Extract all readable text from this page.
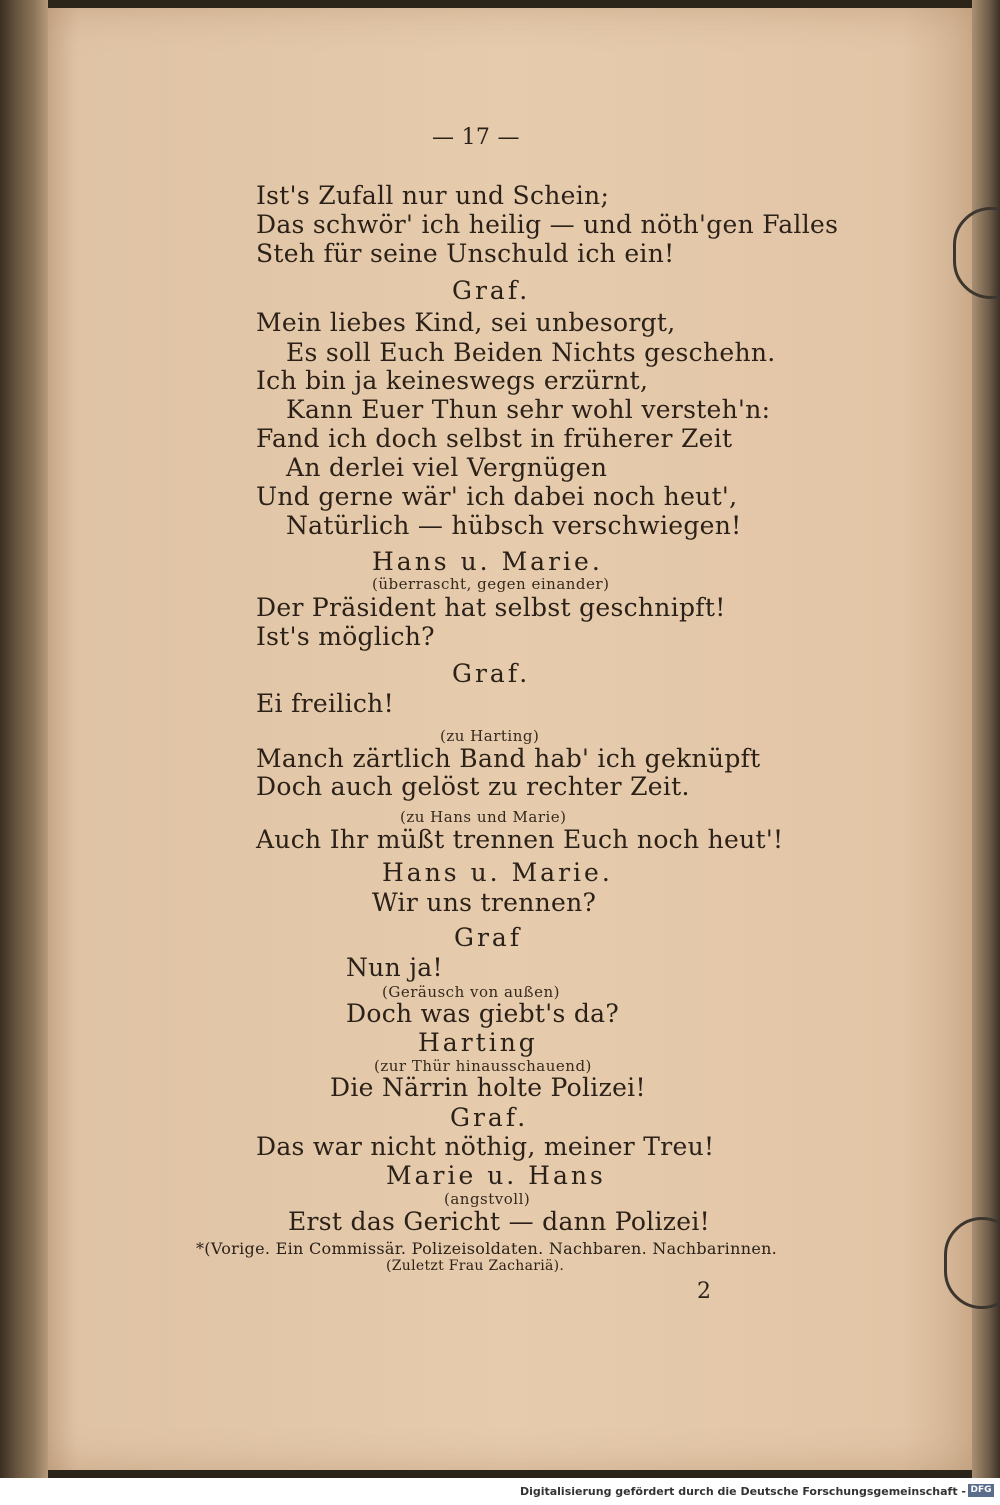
— 17 —
Ist's Zufall nur und Schein;
Das schwör' ich heilig — und nöth'gen Falles
Steh für seine Unschuld ich ein!
Graf.
Mein liebes Kind, sei unbesorgt,
Es soll Euch Beiden Nichts geschehn.
Ich bin ja keineswegs erzürnt,
Kann Euer Thun sehr wohl versteh'n:
Fand ich doch selbst in früherer Zeit
An derlei viel Vergnügen
Und gerne wär' ich dabei noch heut',
Natürlich — hübsch verschwiegen!
Hans u. Marie.
(überrascht, gegen einander)
Der Präsident hat selbst geschnipft!
Ist's möglich?
Graf.
Ei freilich!
(zu Harting)
Manch zärtlich Band hab' ich geknüpft
Doch auch gelöst zu rechter Zeit.
(zu Hans und Marie)
Auch Ihr müßt trennen Euch noch heut'!
Hans u. Marie.
Wir uns trennen?
Graf
Nun ja!
(Geräusch von außen)
Doch was giebt's da?
Harting
(zur Thür hinausschauend)
Die Närrin holte Polizei!
Graf.
Das war nicht nöthig, meiner Treu!
Marie u. Hans
(angstvoll)
Erst das Gericht — dann Polizei!
*(Vorige. Ein Commissär. Polizeisoldaten. Nachbaren. Nachbarinnen.
(Zuletzt Frau Zachariä).
2
Digitalisierung gefördert durch die Deutsche Forschungsgemeinschaft - DFG
